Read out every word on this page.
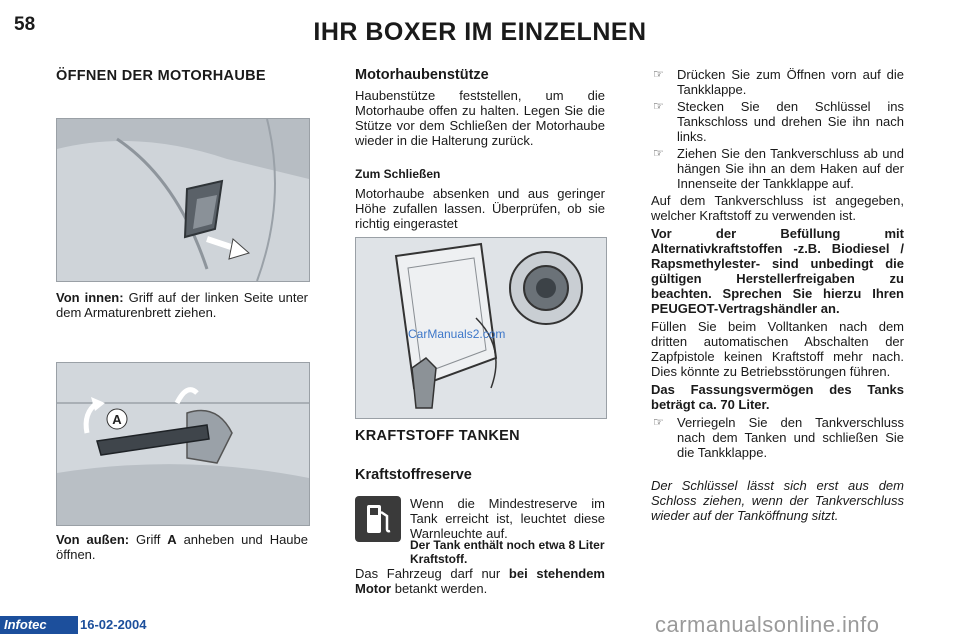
58	IHR BOXER IM EINZELNEN
ÖFFNEN DER MOTORHAUBE
Von innen: Griff auf der linken Seite unter dem Armaturenbrett ziehen.
A
Von außen: Griff A anheben und Haube öffnen.
Motorhaubenstütze
Haubenstütze feststellen, um die Motorhaube offen zu halten. Legen Sie die Stütze vor dem Schließen der Motorhaube wieder in die Halterung zurück.
Zum Schließen
Motorhaube absenken und aus geringer Höhe zufallen lassen. Überprüfen, ob sie richtig eingerastet
CarManuals2.com
KRAFTSTOFF TANKEN
Kraftstoffreserve
Wenn die Mindestreserve im Tank erreicht ist, leuchtet diese Warnleuchte auf.
Der Tank enthält noch etwa 8 Liter Kraftstoff.
Das Fahrzeug darf nur bei stehendem Motor betankt werden.
☞ Drücken Sie zum Öffnen vorn auf die Tankklappe.
☞ Stecken Sie den Schlüssel ins Tankschloss und drehen Sie ihn nach links.
☞ Ziehen Sie den Tankverschluss ab und hängen Sie ihn an dem Haken auf der Innenseite der Tankklappe auf.
Auf dem Tankverschluss ist angegeben, welcher Kraftstoff zu verwenden ist.
Vor der Befüllung mit Alternativkraftstoffen -z.B. Biodiesel / Rapsmethylester- sind unbedingt die gültigen Herstellerfreigaben zu beachten. Sprechen Sie hierzu Ihren PEUGEOT-Vertragshändler an.
Füllen Sie beim Volltanken nach dem dritten automatischen Abschalten der Zapfpistole keinen Kraftstoff mehr nach. Dies könnte zu Betriebsstörungen führen.
Das Fassungsvermögen des Tanks beträgt ca. 70 Liter.
☞ Verriegeln Sie den Tankverschluss nach dem Tanken und schließen Sie die Tankklappe.
Der Schlüssel lässt sich erst aus dem Schloss ziehen, wenn der Tankverschluss wieder auf der Tanköffnung sitzt.
Infotec	16-02-2004	carmanualsonline.info
